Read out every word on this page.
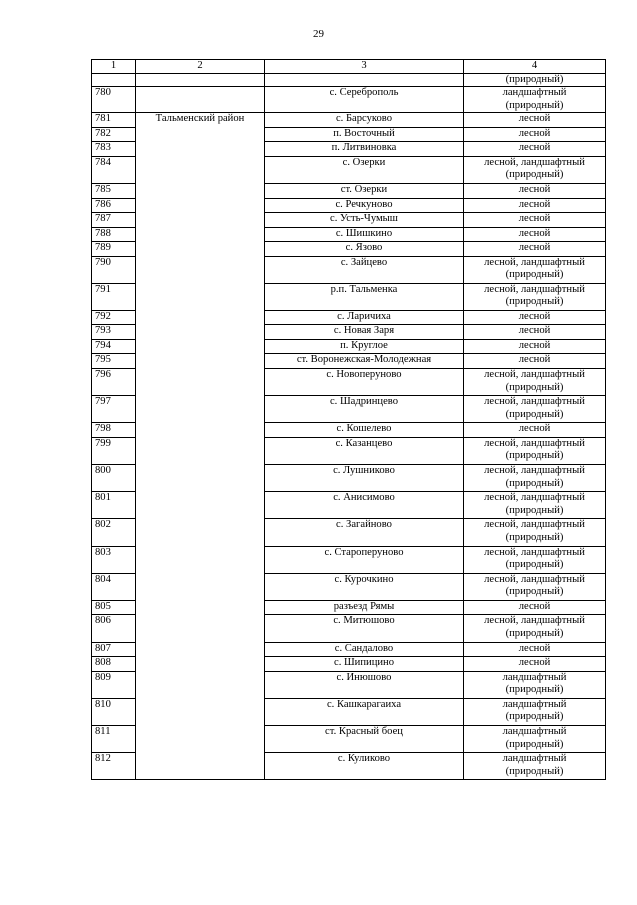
29
1	2	3	4
			(природный)
780		с. Сереброполь	ландшафтный
(природный)

781	Тальменский район	с. Барсуково	лесной

782		п. Восточный	лесной

783		п. Литвиновка	лесной

784		с. Озерки	лесной, ландшафтный
(природный)

785		ст. Озерки	лесной

786		с. Речкуново	лесной

787		с. Усть-Чумыш	лесной

788		с. Шишкино	лесной

789		с. Язово	лесной

790		с. Зайцево	лесной, ландшафтный
(природный)

791		р.п. Тальменка	лесной, ландшафтный
(природный)

792		с. Ларичиха	лесной

793		с. Новая Заря	лесной

794		п. Круглое	лесной

795		ст. Воронежская-Молодежная	лесной

796		с. Новоперуново	лесной, ландшафтный
(природный)

797		с. Шадринцево	лесной, ландшафтный
(природный)

798		с. Кошелево	лесной

799		с. Казанцево	лесной, ландшафтный
(природный)

800		с. Лушниково	лесной, ландшафтный
(природный)

801		с. Анисимово	лесной, ландшафтный
(природный)

802		с. Загайново	лесной, ландшафтный
(природный)

803		с. Староперуново	лесной, ландшафтный
(природный)

804		с. Курочкино	лесной, ландшафтный
(природный)

805		разъезд Рямы	лесной

806		с. Митюшово	лесной, ландшафтный
(природный)

807		с. Сандалово	лесной

808		с. Шипицино	лесной

809		с. Инюшово	ландшафтный
(природный)

810		с. Кашкарагаиха	ландшафтный
(природный)

811		ст. Красный боец	ландшафтный
(природный)

812		с. Куликово	ландшафтный
(природный)
